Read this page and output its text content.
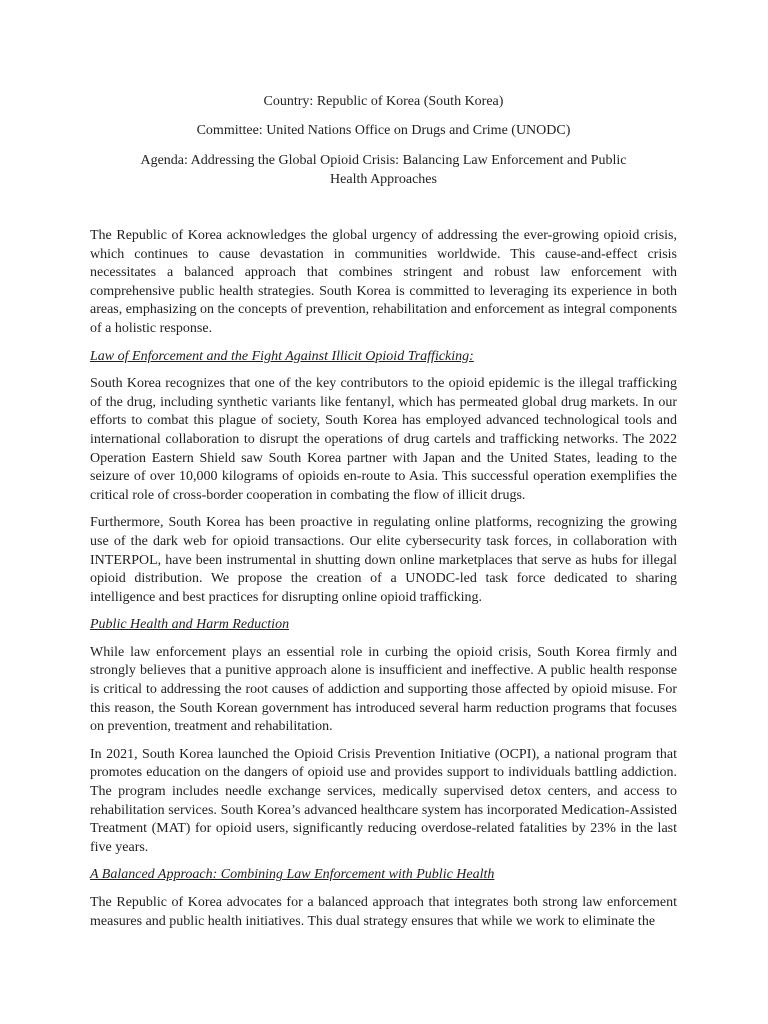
Country: Republic of Korea (South Korea)
Committee: United Nations Office on Drugs and Crime (UNODC)
Agenda: Addressing the Global Opioid Crisis: Balancing Law Enforcement and Public Health Approaches

The Republic of Korea acknowledges the global urgency of addressing the ever-growing opioid crisis, which continues to cause devastation in communities worldwide. This cause-and-effect crisis necessitates a balanced approach that combines stringent and robust law enforcement with comprehensive public health strategies. South Korea is committed to leveraging its experience in both areas, emphasizing on the concepts of prevention, rehabilitation and enforcement as integral components of a holistic response.

Law of Enforcement and the Fight Against Illicit Opioid Trafficking:

South Korea recognizes that one of the key contributors to the opioid epidemic is the illegal trafficking of the drug, including synthetic variants like fentanyl, which has permeated global drug markets. In our efforts to combat this plague of society, South Korea has employed advanced technological tools and international collaboration to disrupt the operations of drug cartels and trafficking networks. The 2022 Operation Eastern Shield saw South Korea partner with Japan and the United States, leading to the seizure of over 10,000 kilograms of opioids en-route to Asia. This successful operation exemplifies the critical role of cross-border cooperation in combating the flow of illicit drugs.

Furthermore, South Korea has been proactive in regulating online platforms, recognizing the growing use of the dark web for opioid transactions. Our elite cybersecurity task forces, in collaboration with INTERPOL, have been instrumental in shutting down online marketplaces that serve as hubs for illegal opioid distribution. We propose the creation of a UNODC-led task force dedicated to sharing intelligence and best practices for disrupting online opioid trafficking.

Public Health and Harm Reduction

While law enforcement plays an essential role in curbing the opioid crisis, South Korea firmly and strongly believes that a punitive approach alone is insufficient and ineffective. A public health response is critical to addressing the root causes of addiction and supporting those affected by opioid misuse. For this reason, the South Korean government has introduced several harm reduction programs that focuses on prevention, treatment and rehabilitation.

In 2021, South Korea launched the Opioid Crisis Prevention Initiative (OCPI), a national program that promotes education on the dangers of opioid use and provides support to individuals battling addiction. The program includes needle exchange services, medically supervised detox centers, and access to rehabilitation services. South Korea’s advanced healthcare system has incorporated Medication-Assisted Treatment (MAT) for opioid users, significantly reducing overdose-related fatalities by 23% in the last five years.

A Balanced Approach: Combining Law Enforcement with Public Health

The Republic of Korea advocates for a balanced approach that integrates both strong law enforcement measures and public health initiatives. This dual strategy ensures that while we work to eliminate the
